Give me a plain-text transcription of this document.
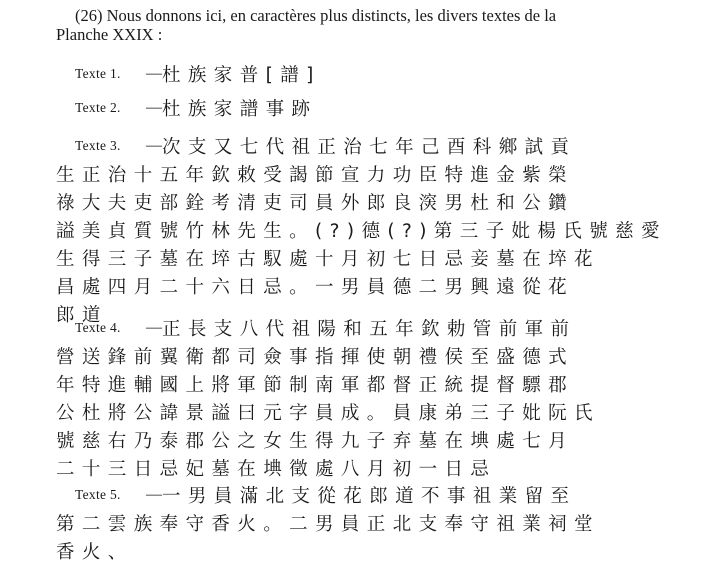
(26) Nous donnons ici, en caractères plus distincts, les divers textes de la
Planche XXIX :
Texte 1.	— 杜族家普[譜]
Texte 2.	— 杜族家譜事跡
Texte 3.	— 次支又七代祖正治七年己酉科鄉試貢
生正治十五年欽敕受謁節宣力功臣特進金紫榮
祿大夫吏部銓考清吏司員外郎良㴱男杜和公鑽
謚美貞質號竹林先生。(?)德(?)第三子妣楊氏號慈愛
生得三子墓在埣古馭處十月初七日忌妾墓在埣花
昌處四月二十六日忌。一男員德二男興遠從花
郎道
Texte 4.	— 正長支八代祖陽和五年欽勅管前軍前
營送鋒前翼衛都司僉事指揮使朝禮侯至盛德式
年特進輔國上將軍節制南軍都督正統提督驃郡
公杜將公諱景謚曰元字員成。員康弟三子妣阮氏
號慈右乃泰郡公之女生得九子弃墓在㙉處七月
二十三日忌妃墓在㙉徵處八月初一日忌
Texte 5.	— 一男員滿北支從花郎道不事祖業留至
第二雲族奉守香火。二男員正北支奉守祖業祠堂
香火、
